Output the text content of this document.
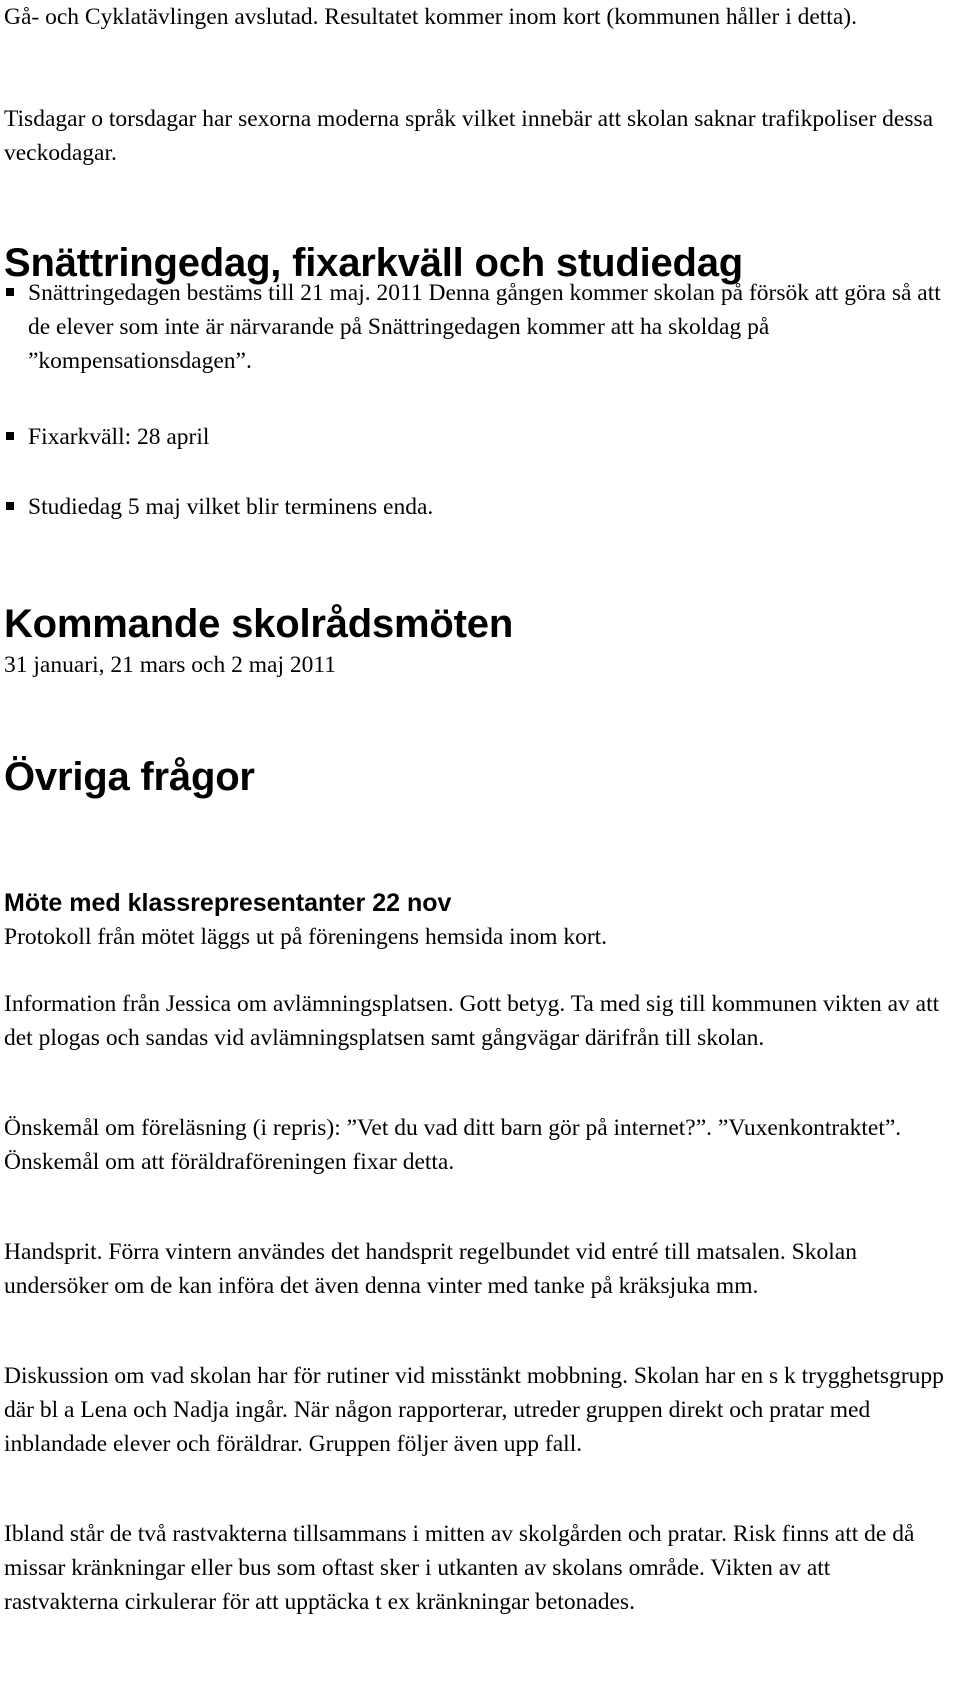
Gå- och Cyklatävlingen avslutad. Resultatet kommer inom kort (kommunen håller i detta).

Tisdagar o torsdagar har sexorna moderna språk vilket innebär att skolan saknar trafikpoliser dessa veckodagar.

Snättringedag, fixarkväll och studiedag

Snättringedagen bestäms till 21 maj. 2011 Denna gången kommer skolan på försök att göra så att de elever som inte är närvarande på Snättringedagen kommer att ha skoldag på ”kompensationsdagen”.

Fixarkväll: 28 april

Studiedag 5 maj vilket blir terminens enda.

Kommande skolrådsmöten

31 januari, 21 mars och 2 maj 2011

Övriga frågor
Möte med klassrepresentanter 22 nov

Protokoll från mötet läggs ut på föreningens hemsida inom kort.

Information från Jessica om avlämningsplatsen. Gott betyg. Ta med sig till kommunen vikten av att det plogas och sandas vid avlämningsplatsen samt gångvägar därifrån till skolan.

Önskemål om föreläsning (i repris): ”Vet du vad ditt barn gör på internet?”. ”Vuxenkontraktet”. Önskemål om att föräldraföreningen fixar detta.

Handsprit. Förra vintern användes det handsprit regelbundet vid entré till matsalen. Skolan undersöker om de kan införa det även denna vinter med tanke på kräksjuka mm.

Diskussion om vad skolan har för rutiner vid misstänkt mobbning. Skolan har en s k trygghetsgrupp där bl a Lena och Nadja ingår. När någon rapporterar, utreder gruppen direkt och pratar med inblandade elever och föräldrar. Gruppen följer även upp fall.

Ibland står de två rastvakterna tillsammans i mitten av skolgården och pratar. Risk finns att de då missar kränkningar eller bus som oftast sker i utkanten av skolans område. Vikten av att rastvakterna cirkulerar för att upptäcka t ex kränkningar betonades.
